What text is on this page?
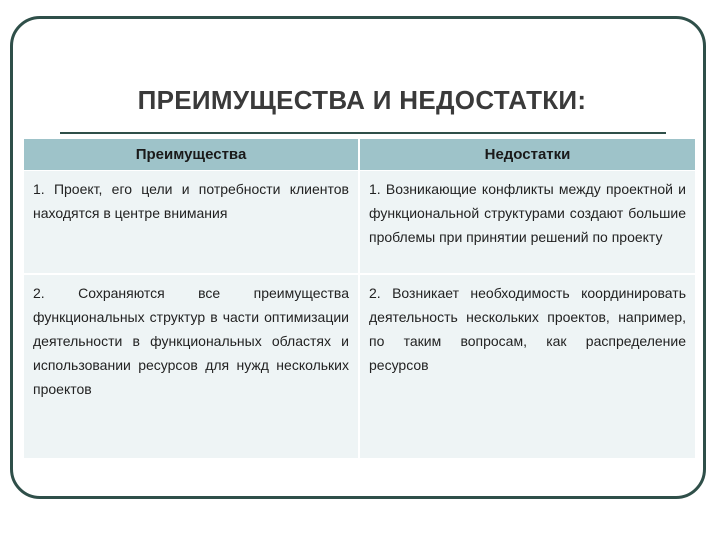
ПРЕИМУЩЕСТВА И НЕДОСТАТКИ:
Преимущества	Недостатки
1. Проект, его цели и потребности клиентов находятся в центре внимания	1. Возникающие конфликты между проектной и функциональной структурами создают большие проблемы при принятии решений по проекту
2. Сохраняются все преимущества функциональных структур в части оптимизации деятельности в функциональных областях и использовании ресурсов для нужд нескольких проектов	2. Возникает необходимость координировать деятельность нескольких проектов, например, по таким вопросам, как распределение ресурсов
